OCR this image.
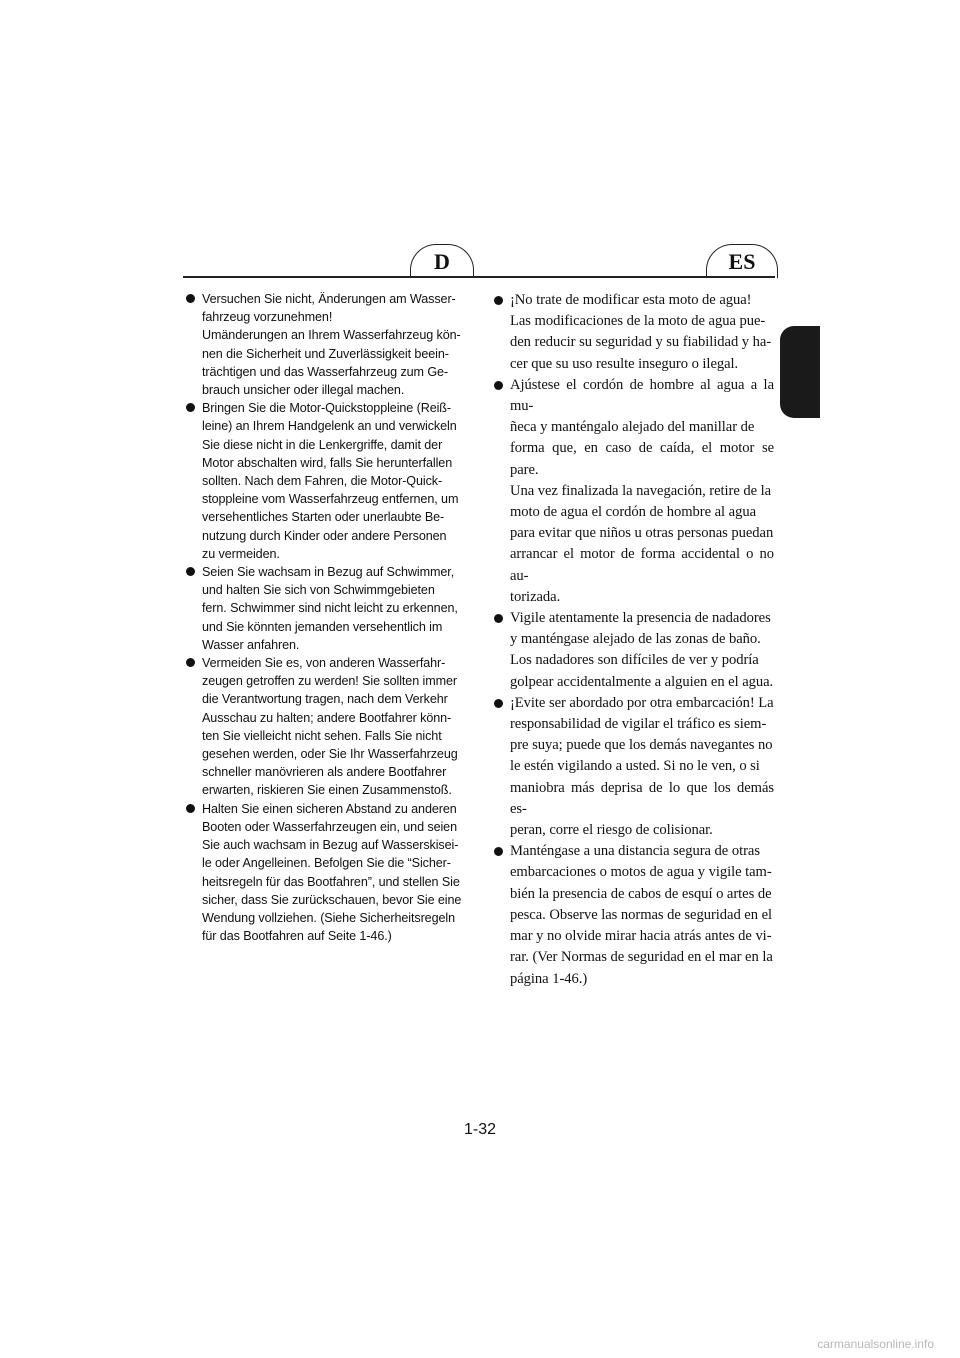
D	ES
Versuchen Sie nicht, Änderungen am Wasser-
fahrzeug vorzunehmen!
Umänderungen an Ihrem Wasserfahrzeug kön-
nen die Sicherheit und Zuverlässigkeit beein-
trächtigen und das Wasserfahrzeug zum Ge-
brauch unsicher oder illegal machen.
Bringen Sie die Motor-Quickstoppleine (Reiß-
leine) an Ihrem Handgelenk an und verwickeln
Sie diese nicht in die Lenkergriffe, damit der
Motor abschalten wird, falls Sie herunterfallen
sollten. Nach dem Fahren, die Motor-Quick-
stoppleine vom Wasserfahrzeug entfernen, um
versehentliches Starten oder unerlaubte Be-
nutzung durch Kinder oder andere Personen
zu vermeiden.
Seien Sie wachsam in Bezug auf Schwimmer,
und halten Sie sich von Schwimmgebieten
fern. Schwimmer sind nicht leicht zu erkennen,
und Sie könnten jemanden versehentlich im
Wasser anfahren.
Vermeiden Sie es, von anderen Wasserfahr-
zeugen getroffen zu werden! Sie sollten immer
die Verantwortung tragen, nach dem Verkehr
Ausschau zu halten; andere Bootfahrer könn-
ten Sie vielleicht nicht sehen. Falls Sie nicht
gesehen werden, oder Sie Ihr Wasserfahrzeug
schneller manövrieren als andere Bootfahrer
erwarten, riskieren Sie einen Zusammenstoß.
Halten Sie einen sicheren Abstand zu anderen
Booten oder Wasserfahrzeugen ein, und seien
Sie auch wachsam in Bezug auf Wasserskisei-
le oder Angelleinen. Befolgen Sie die “Sicher-
heitsregeln für das Bootfahren”, und stellen Sie
sicher, dass Sie zurückschauen, bevor Sie eine
Wendung vollziehen. (Siehe Sicherheitsregeln
für das Bootfahren auf Seite 1-46.)
¡No trate de modificar esta moto de agua!
Las modificaciones de la moto de agua pue-
den reducir su seguridad y su fiabilidad y ha-
cer que su uso resulte inseguro o ilegal.
Ajústese el cordón de hombre al agua a la mu-
ñeca y manténgalo alejado del manillar de
forma que, en caso de caída, el motor se pare.
Una vez finalizada la navegación, retire de la
moto de agua el cordón de hombre al agua
para evitar que niños u otras personas puedan
arrancar el motor de forma accidental o no au-
torizada.
Vigile atentamente la presencia de nadadores
y manténgase alejado de las zonas de baño.
Los nadadores son difíciles de ver y podría
golpear accidentalmente a alguien en el agua.
¡Evite ser abordado por otra embarcación! La
responsabilidad de vigilar el tráfico es siem-
pre suya; puede que los demás navegantes no
le estén vigilando a usted. Si no le ven, o si
maniobra más deprisa de lo que los demás es-
peran, corre el riesgo de colisionar.
Manténgase a una distancia segura de otras
embarcaciones o motos de agua y vigile tam-
bién la presencia de cabos de esquí o artes de
pesca. Observe las normas de seguridad en el
mar y no olvide mirar hacia atrás antes de vi-
rar. (Ver Normas de seguridad en el mar en la
página 1-46.)
1-32
carmanualsonline.info
